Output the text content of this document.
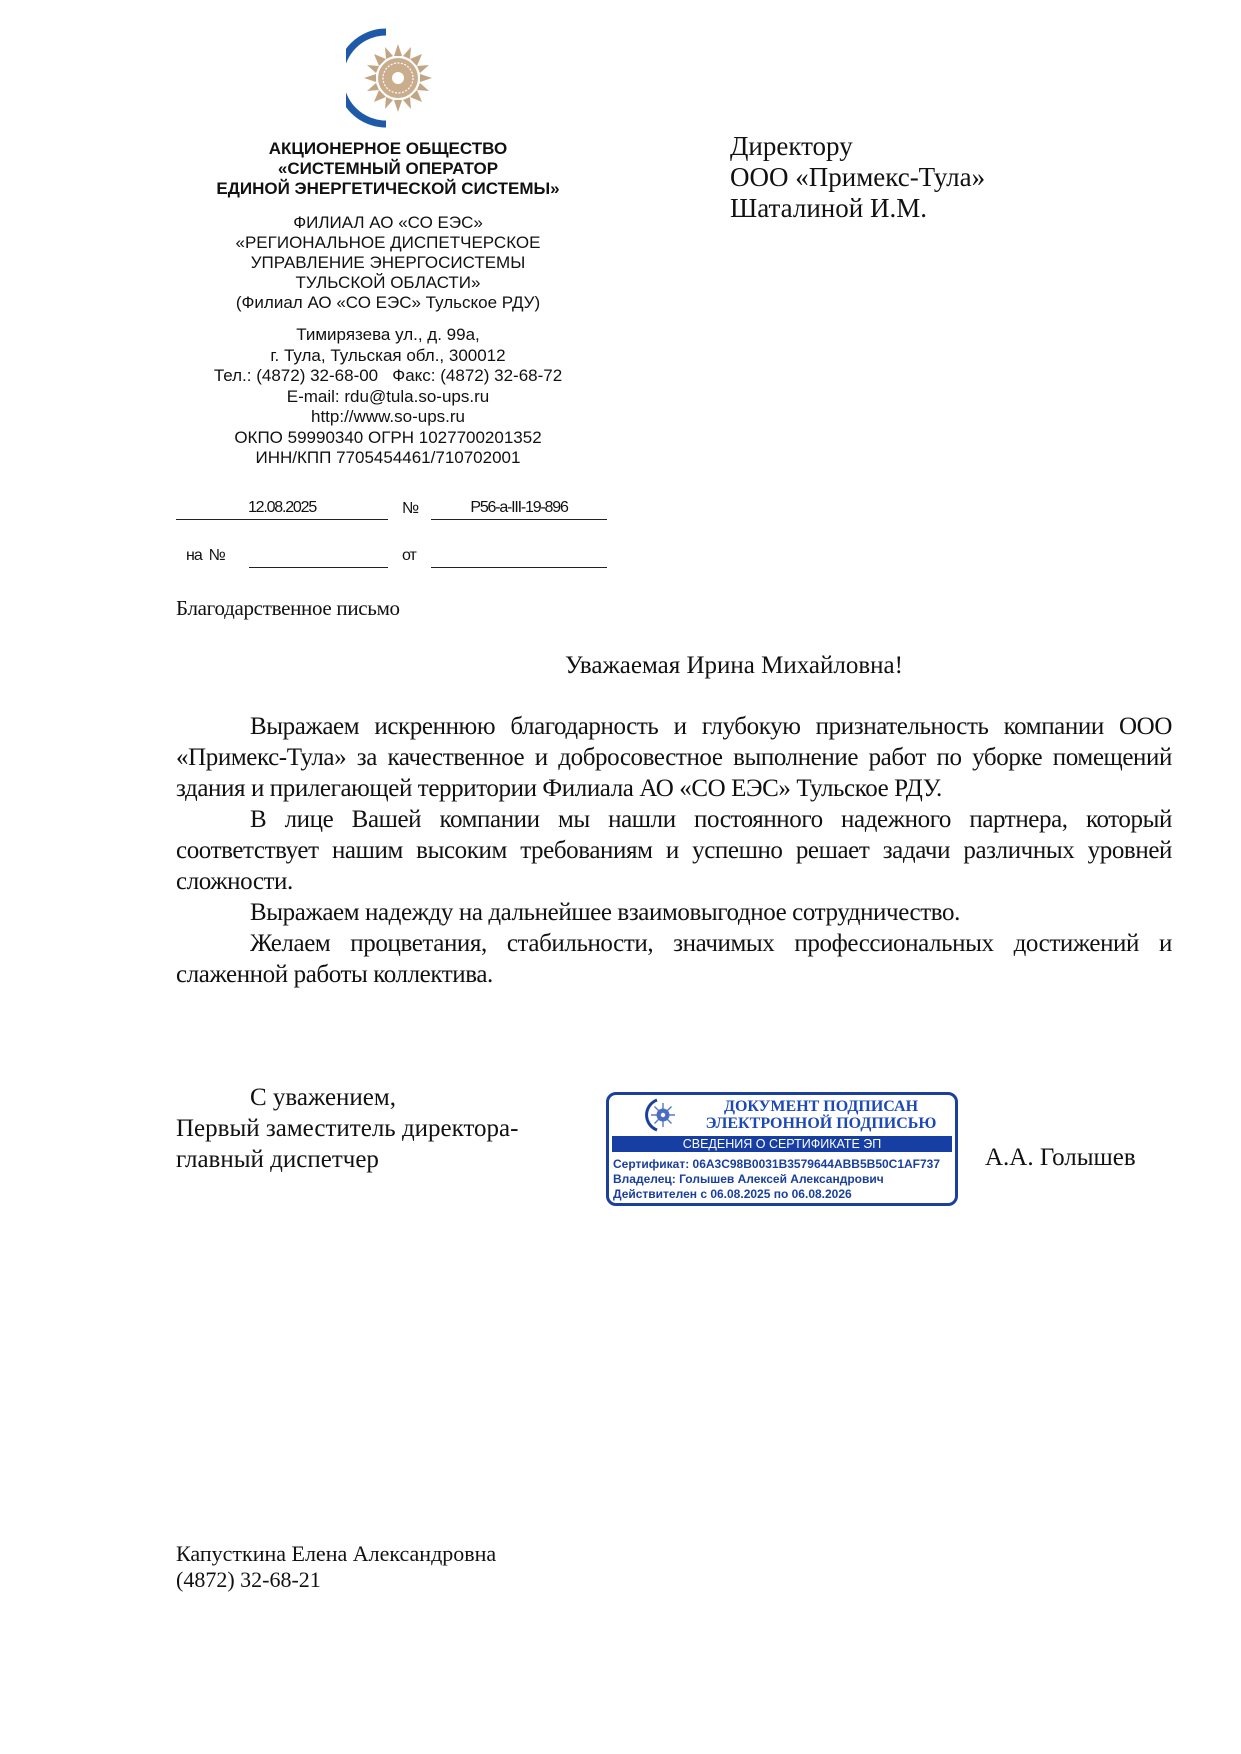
АКЦИОНЕРНОЕ ОБЩЕСТВО
«СИСТЕМНЫЙ ОПЕРАТОР
ЕДИНОЙ ЭНЕРГЕТИЧЕСКОЙ СИСТЕМЫ»
ФИЛИАЛ АО «СО ЕЭС»
«РЕГИОНАЛЬНОЕ ДИСПЕТЧЕРСКОЕ
УПРАВЛЕНИЕ ЭНЕРГОСИСТЕМЫ
ТУЛЬСКОЙ ОБЛАСТИ»
(Филиал АО «СО ЕЭС» Тульское РДУ)
Тимирязева ул., д. 99а,
г. Тула, Тульская обл., 300012
Тел.: (4872) 32-68-00   Факс: (4872) 32-68-72
E-mail: rdu@tula.so-ups.ru
http://www.so-ups.ru
ОКПО 59990340 ОГРН 1027700201352
ИНН/КПП 7705454461/710702001
12.08.2025	№	Р56-а-III-19-896
на  №	от
Директору
ООО «Примекс-Тула»
Шаталиной И.М.
Благодарственное письмо
Уважаемая Ирина Михайловна!

Выражаем искреннюю благодарность и глубокую признательность компании ООО «Примекс-Тула» за качественное и добросовестное выполнение работ по уборке помещений здания и прилегающей территории Филиала АО «СО ЕЭС» Тульское РДУ.

В лице Вашей компании мы нашли постоянного надежного партнера, который соответствует нашим высоким требованиям и успешно решает задачи различных уровней сложности.

Выражаем надежду на дальнейшее взаимовыгодное сотрудничество.

Желаем процветания, стабильности, значимых профессиональных достижений и слаженной работы коллектива.

С уважением,
Первый заместитель директора-
главный диспетчер	А.А. Голышев
ДОКУМЕНТ ПОДПИСАН
ЭЛЕКТРОННОЙ ПОДПИСЬЮ
СВЕДЕНИЯ О СЕРТИФИКАТЕ ЭП
Сертификат: 06A3C98B0031B3579644ABB5B50C1AF737
Владелец: Голышев Алексей Александрович
Действителен с 06.08.2025 по 06.08.2026
Капусткина Елена Александровна
(4872) 32-68-21
